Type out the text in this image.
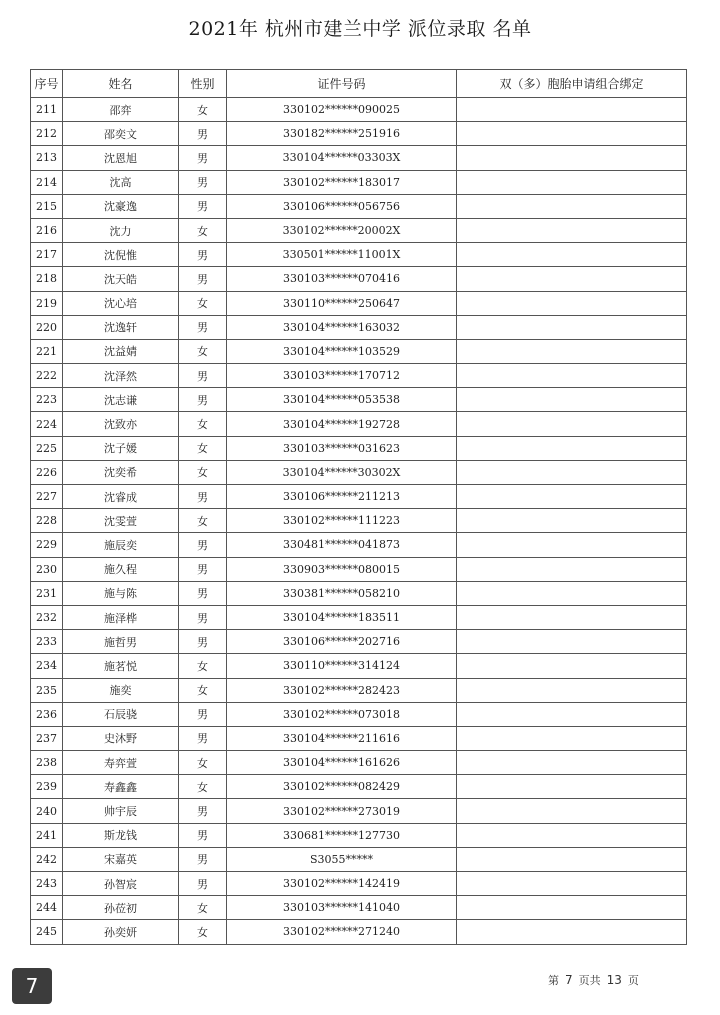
2021年 杭州市建兰中学 派位录取 名单
序号	姓名	性别	证件号码	双（多）胞胎申请组合绑定
211	邵弈	女	330102******090025	
212	邵奕文	男	330182******251916	
213	沈恩旭	男	330104******03303X	
214	沈高	男	330102******183017	
215	沈豪逸	男	330106******056756	
216	沈力	女	330102******20002X	
217	沈倪惟	男	330501******11001X	
218	沈天皓	男	330103******070416	
219	沈心培	女	330110******250647	
220	沈逸轩	男	330104******163032	
221	沈益婧	女	330104******103529	
222	沈泽然	男	330103******170712	
223	沈志谦	男	330104******053538	
224	沈致亦	女	330104******192728	
225	沈子媛	女	330103******031623	
226	沈奕希	女	330104******30302X	
227	沈睿成	男	330106******211213	
228	沈雯萱	女	330102******111223	
229	施辰奕	男	330481******041873	
230	施久程	男	330903******080015	
231	施与陈	男	330381******058210	
232	施泽桦	男	330104******183511	
233	施哲男	男	330106******202716	
234	施茗悦	女	330110******314124	
235	施奕	女	330102******282423	
236	石辰骁	男	330102******073018	
237	史沐野	男	330104******211616	
238	寿弈萱	女	330104******161626	
239	寿鑫鑫	女	330102******082429	
240	帅宇辰	男	330102******273019	
241	斯龙钱	男	330681******127730	
242	宋嘉英	男	S3055*****	
243	孙智宸	男	330102******142419	
244	孙莅初	女	330103******141040	
245	孙奕妍	女	330102******271240	
7	第 7 页共 13 页
